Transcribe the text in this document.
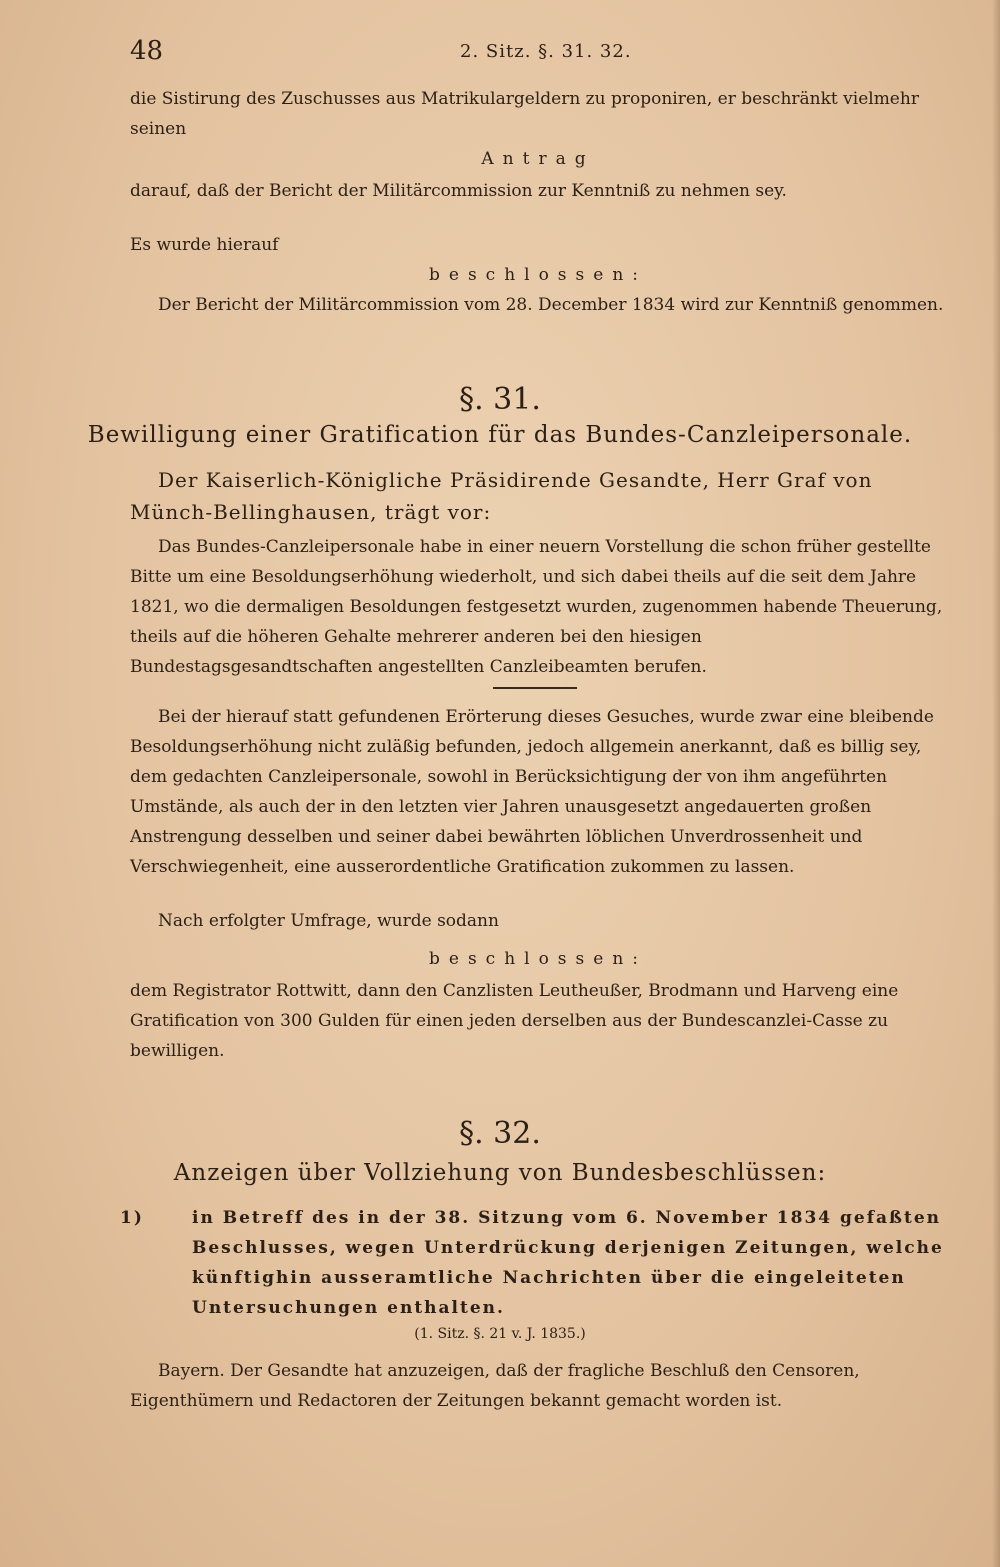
48	2. Sitz. §. 31. 32.
die Sistirung des Zuschusses aus Matrikulargeldern zu proponiren, er beschränkt vielmehr seinen
Antrag
darauf, daß der Bericht der Militärcommission zur Kenntniß zu nehmen sey.
Es wurde hierauf
beschlossen:
Der Bericht der Militärcommission vom 28. December 1834 wird zur Kenntniß genommen.
§. 31.
Bewilligung einer Gratification für das Bundes-Canzleipersonale.
Der Kaiserlich-Königliche Präsidirende Gesandte, Herr Graf von Münch-Bellinghausen, trägt vor:
Das Bundes-Canzleipersonale habe in einer neuern Vorstellung die schon früher gestellte Bitte um eine Besoldungserhöhung wiederholt, und sich dabei theils auf die seit dem Jahre 1821, wo die dermaligen Besoldungen festgesetzt wurden, zugenommen habende Theuerung, theils auf die höheren Gehalte mehrerer anderen bei den hiesigen Bundestagsgesandtschaften angestellten Canzleibeamten berufen.
Bei der hierauf statt gefundenen Erörterung dieses Gesuches, wurde zwar eine bleibende Besoldungserhöhung nicht zuläßig befunden, jedoch allgemein anerkannt, daß es billig sey, dem gedachten Canzleipersonale, sowohl in Berücksichtigung der von ihm angeführten Umstände, als auch der in den letzten vier Jahren unausgesetzt angedauerten großen Anstrengung desselben und seiner dabei bewährten löblichen Unverdrossenheit und Verschwiegenheit, eine ausserordentliche Gratification zukommen zu lassen.
Nach erfolgter Umfrage, wurde sodann
beschlossen:
dem Registrator Rottwitt, dann den Canzlisten Leutheußer, Brodmann und Harveng eine Gratification von 300 Gulden für einen jeden derselben aus der Bundescanzlei-Casse zu bewilligen.
§. 32.
Anzeigen über Vollziehung von Bundesbeschlüssen:
1)	in Betreff des in der 38. Sitzung vom 6. November 1834 gefaßten Beschlusses, wegen Unterdrückung derjenigen Zeitungen, welche künftighin ausseramtliche Nachrichten über die eingeleiteten Untersuchungen enthalten.
(1. Sitz. §. 21 v. J. 1835.)
Bayern. Der Gesandte hat anzuzeigen, daß der fragliche Beschluß den Censoren, Eigenthümern und Redactoren der Zeitungen bekannt gemacht worden ist.
